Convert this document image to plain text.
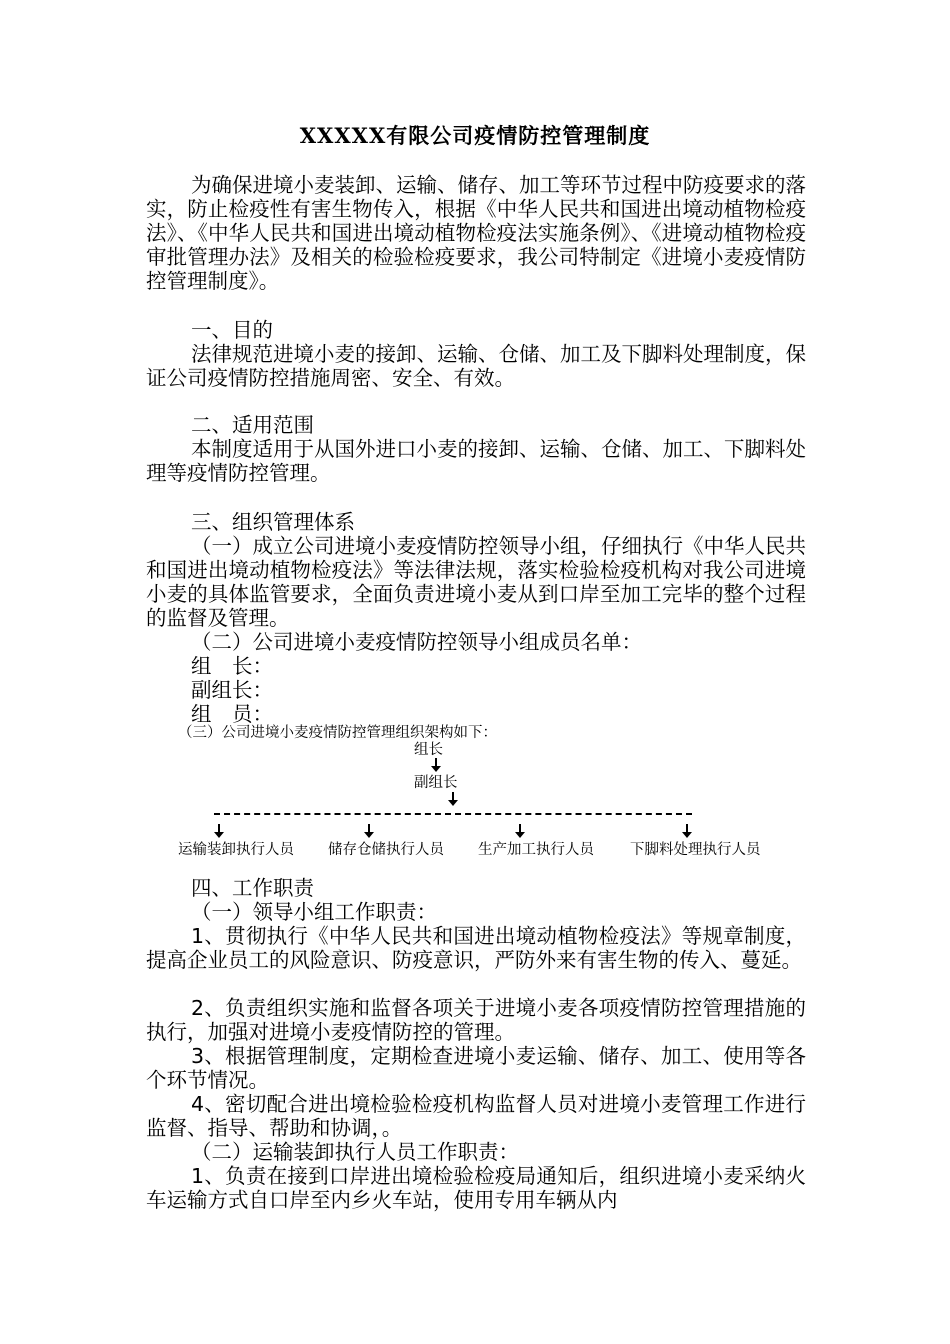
XXXXX有限公司疫情防控管理制度

为确保进境小麦装卸、运输、储存、加工等环节过程中防疫要求的落实，防止检疫性有害生物传入，根据《中华人民共和国进出境动植物检疫法》、《中华人民共和国进出境动植物检疫法实施条例》、《进境动植物检疫审批管理办法》及相关的检验检疫要求，我公司特制定《进境小麦疫情防控管理制度》。

一、目的

法律规范进境小麦的接卸、运输、仓储、加工及下脚料处理制度，保证公司疫情防控措施周密、安全、有效。

二、适用范围

本制度适用于从国外进口小麦的接卸、运输、仓储、加工、下脚料处理等疫情防控管理。

三、组织管理体系

（一）成立公司进境小麦疫情防控领导小组，仔细执行《中华人民共和国进出境动植物检疫法》等法律法规，落实检验检疫机构对我公司进境小麦的具体监管要求，全面负责进境小麦从到口岸至加工完毕的整个过程的监督及管理。

（二）公司进境小麦疫情防控领导小组成员名单：
组　长：
副组长：
组　员：
（三）公司进境小麦疫情防控管理组织架构如下：
组长
副组长
运输装卸执行人员 储存仓储执行人员 生产加工执行人员 下脚料处理执行人员
四、工作职责
（一）领导小组工作职责：

1、贯彻执行《中华人民共和国进出境动植物检疫法》等规章制度，提高企业员工的风险意识、防疫意识，严防外来有害生物的传入、蔓延。

2、负责组织实施和监督各项关于进境小麦各项疫情防控管理措施的执行，加强对进境小麦疫情防控的管理。

3、根据管理制度，定期检查进境小麦运输、储存、加工、使用等各个环节情况。

4、密切配合进出境检验检疫机构监督人员对进境小麦管理工作进行监督、指导、帮助和协调，。

（二）运输装卸执行人员工作职责：

1、负责在接到口岸进出境检验检疫局通知后，组织进境小麦采纳火车运输方式自口岸至内乡火车站，使用专用车辆从内
